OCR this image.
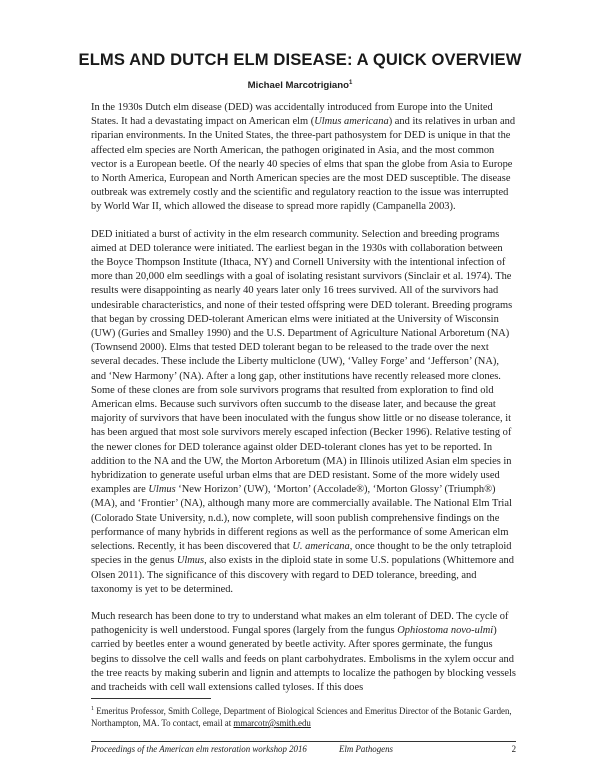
ELMS AND DUTCH ELM DISEASE: A QUICK OVERVIEW

Michael Marcotrigiano$^1$

In the 1930s Dutch elm disease (DED) was accidentally introduced from Europe into the United States. It had a devastating impact on American elm (Ulmus americana) and its relatives in urban and riparian environments. In the United States, the three-part pathosystem for DED is unique in that the affected elm species are North American, the pathogen originated in Asia, and the most common vector is a European beetle. Of the nearly 40 species of elms that span the globe from Asia to Europe to North America, European and North American species are the most DED susceptible. The disease outbreak was extremely costly and the scientific and regulatory reaction to the issue was interrupted by World War II, which allowed the disease to spread more rapidly (Campanella 2003).

DED initiated a burst of activity in the elm research community. Selection and breeding programs aimed at DED tolerance were initiated. The earliest began in the 1930s with collaboration between the Boyce Thompson Institute (Ithaca, NY) and Cornell University with the intentional infection of more than 20,000 elm seedlings with a goal of isolating resistant survivors (Sinclair et al. 1974). The results were disappointing as nearly 40 years later only 16 trees survived. All of the survivors had undesirable characteristics, and none of their tested offspring were DED tolerant. Breeding programs that began by crossing DED-tolerant American elms were initiated at the University of Wisconsin (UW) (Guries and Smalley 1990) and the U.S. Department of Agriculture National Arboretum (NA) (Townsend 2000). Elms that tested DED tolerant began to be released to the trade over the next several decades. These include the Liberty multiclone (UW), ‘Valley Forge’ and ‘Jefferson’ (NA), and ‘New Harmony’ (NA). After a long gap, other institutions have recently released more clones. Some of these clones are from sole survivors programs that resulted from exploration to find old American elms. Because such survivors often succumb to the disease later, and because the great majority of survivors that have been inoculated with the fungus show little or no disease tolerance, it has been argued that most sole survivors merely escaped infection (Becker 1996). Relative testing of the newer clones for DED tolerance against older DED-tolerant clones has yet to be reported. In addition to the NA and the UW, the Morton Arboretum (MA) in Illinois utilized Asian elm species in hybridization to generate useful urban elms that are DED resistant. Some of the more widely used examples are Ulmus ‘New Horizon’ (UW), ‘Morton’ (Accolade®), ‘Morton Glossy’ (Triumph®) (MA), and ‘Frontier’ (NA), although many more are commercially available. The National Elm Trial (Colorado State University, n.d.), now complete, will soon publish comprehensive findings on the performance of many hybrids in different regions as well as the performance of some American elm selections. Recently, it has been discovered that U. americana, once thought to be the only tetraploid species in the genus Ulmus, also exists in the diploid state in some U.S. populations (Whittemore and Olsen 2011). The significance of this discovery with regard to DED tolerance, breeding, and taxonomy is yet to be determined.

Much research has been done to try to understand what makes an elm tolerant of DED. The cycle of pathogenicity is well understood. Fungal spores (largely from the fungus Ophiostoma novo-ulmi) carried by beetles enter a wound generated by beetle activity. After spores germinate, the fungus begins to dissolve the cell walls and feeds on plant carbohydrates. Embolisms in the xylem occur and the tree reacts by making suberin and lignin and attempts to localize the pathogen by blocking vessels and tracheids with cell wall extensions called tyloses. If this does

$^1$ Emeritus Professor, Smith College, Department of Biological Sciences and Emeritus Director of the Botanic Garden, Northampton, MA. To contact, email at mmarcotr@smith.edu

Proceedings of the American elm restoration workshop 2016	Elm Pathogens	2
